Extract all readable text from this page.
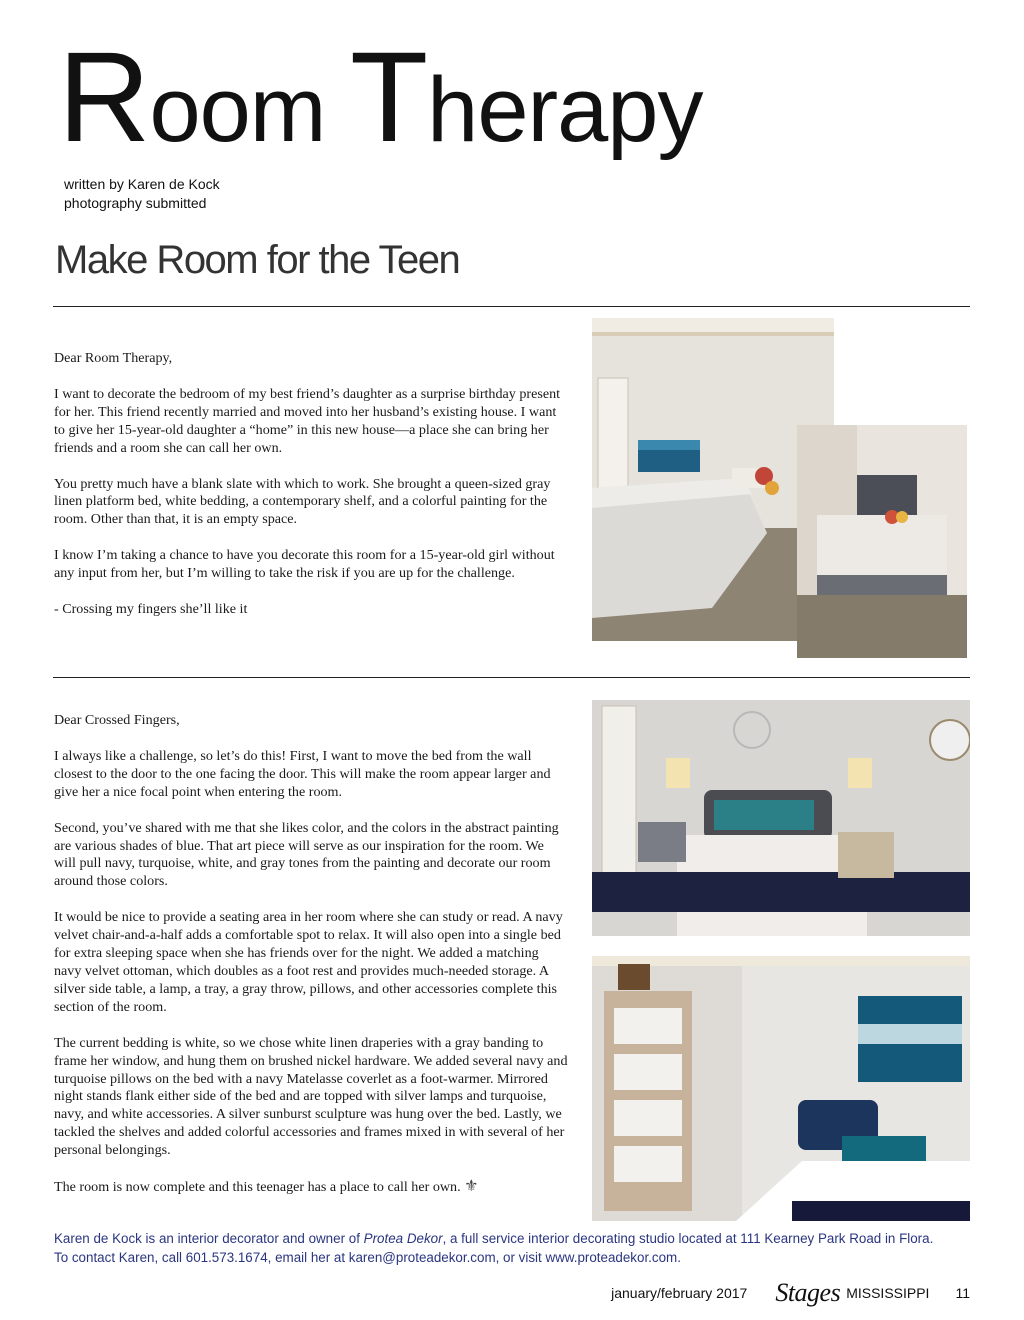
Room Therapy
written by Karen de Kock
photography submitted
Make Room for the Teen

Dear Room Therapy,

I want to decorate the bedroom of my best friend’s daughter as a surprise birthday present for her. This friend recently married and moved into her husband’s existing house. I want to give her 15-year-old daughter a “home” in this new house—a place she can bring her friends and a room she can call her own.

You pretty much have a blank slate with which to work. She brought a queen-sized gray linen platform bed, white bedding, a contemporary shelf, and a colorful painting for the room. Other than that, it is an empty space.

I know I’m taking a chance to have you decorate this room for a 15-year-old girl without any input from her, but I’m willing to take the risk if you are up for the challenge.

- Crossing my fingers she’ll like it

Dear Crossed Fingers,

I always like a challenge, so let’s do this! First, I want to move the bed from the wall closest to the door to the one facing the door. This will make the room appear larger and give her a nice focal point when entering the room.

Second, you’ve shared with me that she likes color, and the colors in the abstract painting are various shades of blue. That art piece will serve as our inspiration for the room. We will pull navy, turquoise, white, and gray tones from the painting and decorate our room around those colors.

It would be nice to provide a seating area in her room where she can study or read. A navy velvet chair-and-a-half adds a comfortable spot to relax. It will also open into a single bed for extra sleeping space when she has friends over for the night. We added a matching navy velvet ottoman, which doubles as a foot rest and provides much-needed storage. A silver side table, a lamp, a tray, a gray throw, pillows, and other accessories complete this section of the room.

The current bedding is white, so we chose white linen draperies with a gray banding to frame her window, and hung them on brushed nickel hardware. We added several navy and turquoise pillows on the bed with a navy Matelasse coverlet as a foot-warmer. Mirrored night stands flank either side of the bed and are topped with silver lamps and turquoise, navy, and white accessories. A silver sunburst sculpture was hung over the bed. Lastly, we tackled the shelves and added colorful accessories and frames mixed in with several of her personal belongings.

The room is now complete and this teenager has a place to call her own. ⚜

Karen de Kock is an interior decorator and owner of Protea Dekor, a full service interior decorating studio located at 111 Kearney Park Road in Flora.
To contact Karen, call 601.573.1674, email her at karen@proteadekor.com, or visit www.proteadekor.com.
january/february 2017 Stages MISSISSIPPI 11
